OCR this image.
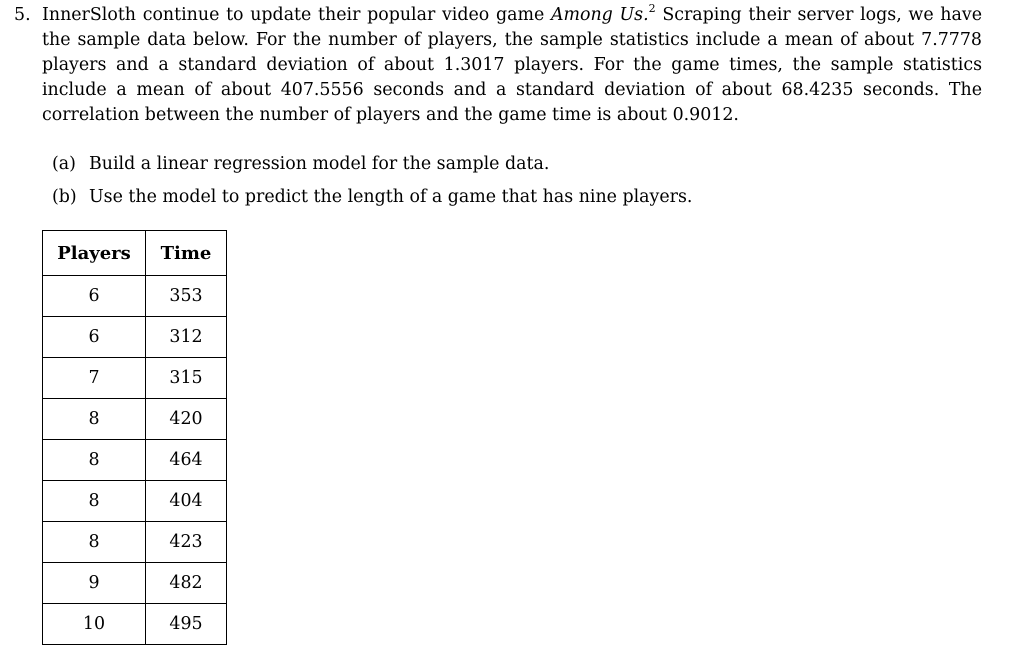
5. InnerSloth continue to update their popular video game Among Us.$^2$ Scraping their server logs, we have the sample data below. For the number of players, the sample statistics include a mean of about 7.7778 players and a standard deviation of about 1.3017 players. For the game times, the sample statistics include a mean of about 407.5556 seconds and a standard deviation of about 68.4235 seconds. The correlation between the number of players and the game time is about 0.9012.
(a) Build a linear regression model for the sample data.
(b) Use the model to predict the length of a game that has nine players.
Players	Time
6	353
6	312
7	315
8	420
8	464
8	404
8	423
9	482
10	495
